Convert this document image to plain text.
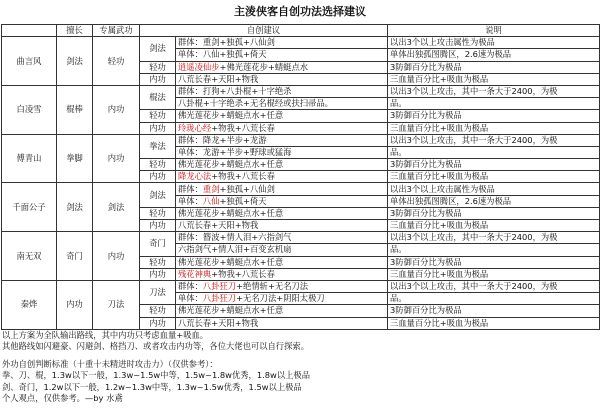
主淩侠客自创功法选择建议
	擅长	专属武功	自创建议		说明
曲言风	剑法	轻功	剑法	群体：重剑+独孤+八仙剑	以出3个以上攻击属性为极品
				单体：八仙+独孤+倚天	单体出独孤图腾区，2.6速为极品
			轻功	逍遥凌仙步+佛光莲花步+蜻蜓点水	3防御百分比为极品
			内功	八荒长春+天阳+物我	三血量百分比+吸血为极品
白凌雪	棍棒	内功	棍法	群体：打狗+八卦棍+十字绝杀	以出3个以上攻击，其中一条大于2400，为极
				八卦棍+十字绝杀+无名棍经或扶扫帚品。	品。
			轻功	佛光莲花步+蜻蜓点水+任意	3防御百分比为极品
			内功	玲珑心经+物我+八荒长春	三血量百分比+吸血为极品
傅青山	拳脚	内功	拳法	群体：降龙+半步+龙游	以出3个以上攻击，其中一条大于2400，为极
				单体：龙游+半步+野球或猛海	品。
			轻功	佛光莲花步+蜻蜓点水+任意	3防御百分比为极品
			内功	降龙心法+物我+八荒长春	三血量百分比+吸血为极品
千面公子	剑法	剑法	剑法	群体：重剑+独孤+八仙剑	以出3个以上攻击属性为极品
				单体：八仙+独孤+倚天	单体出独孤图腾区，2.6速为极品
			轻功	佛光莲花步+蜻蜓点水+任意	3防御百分比为极品
			内功	八荒长春+天阳+物我	三血量百分比+吸血为极品
南无双	奇门	内功	奇门	群体：簪波+情人泪+六指剑气	以出3个以上攻击，其中一条大于2400，为极
				六指剑气+情人泪+百变玄机扇	品。
			轻功	佛光莲花步+蜻蜓点水+任意	3防御百分比为极品
			内功	残花神典+物我+八荒长春	三血量百分比+吸血为极品
秦烨	内功	刀法	刀法	群体：八卦狂刀+绝情斩+无名刀法	以出3个以上攻击，其中一条大于2400，为极
				单体：八卦狂刀+无名刀法+阴阳太极刀	品。
			轻功	佛光莲花步+蜻蜓点水+任意	3防御百分比为极品
			内功	八荒长春+天阳+物我	三血量百分比+吸血为极品
以上方案为全队输出路线，其中内功只考虑血量+吸血。
其他路线如闪避豪、闪避剑、格挡刀、或者攻击内功等，各位大佬也可以自行探索。
外功自创判断标准（十重十未精进时攻击力）（仅供参考）：
拳、刀、棍，1.3w以下一般，1.3w~1.5w中等，1.5w~1.8w优秀，1.8w以上极品
剑、奇门，1.2w以下一般，1.2w~1.3w中等，1.3w~1.5w优秀，1.5w以上极品
个人观点，仅供参考。—by 水鳶
